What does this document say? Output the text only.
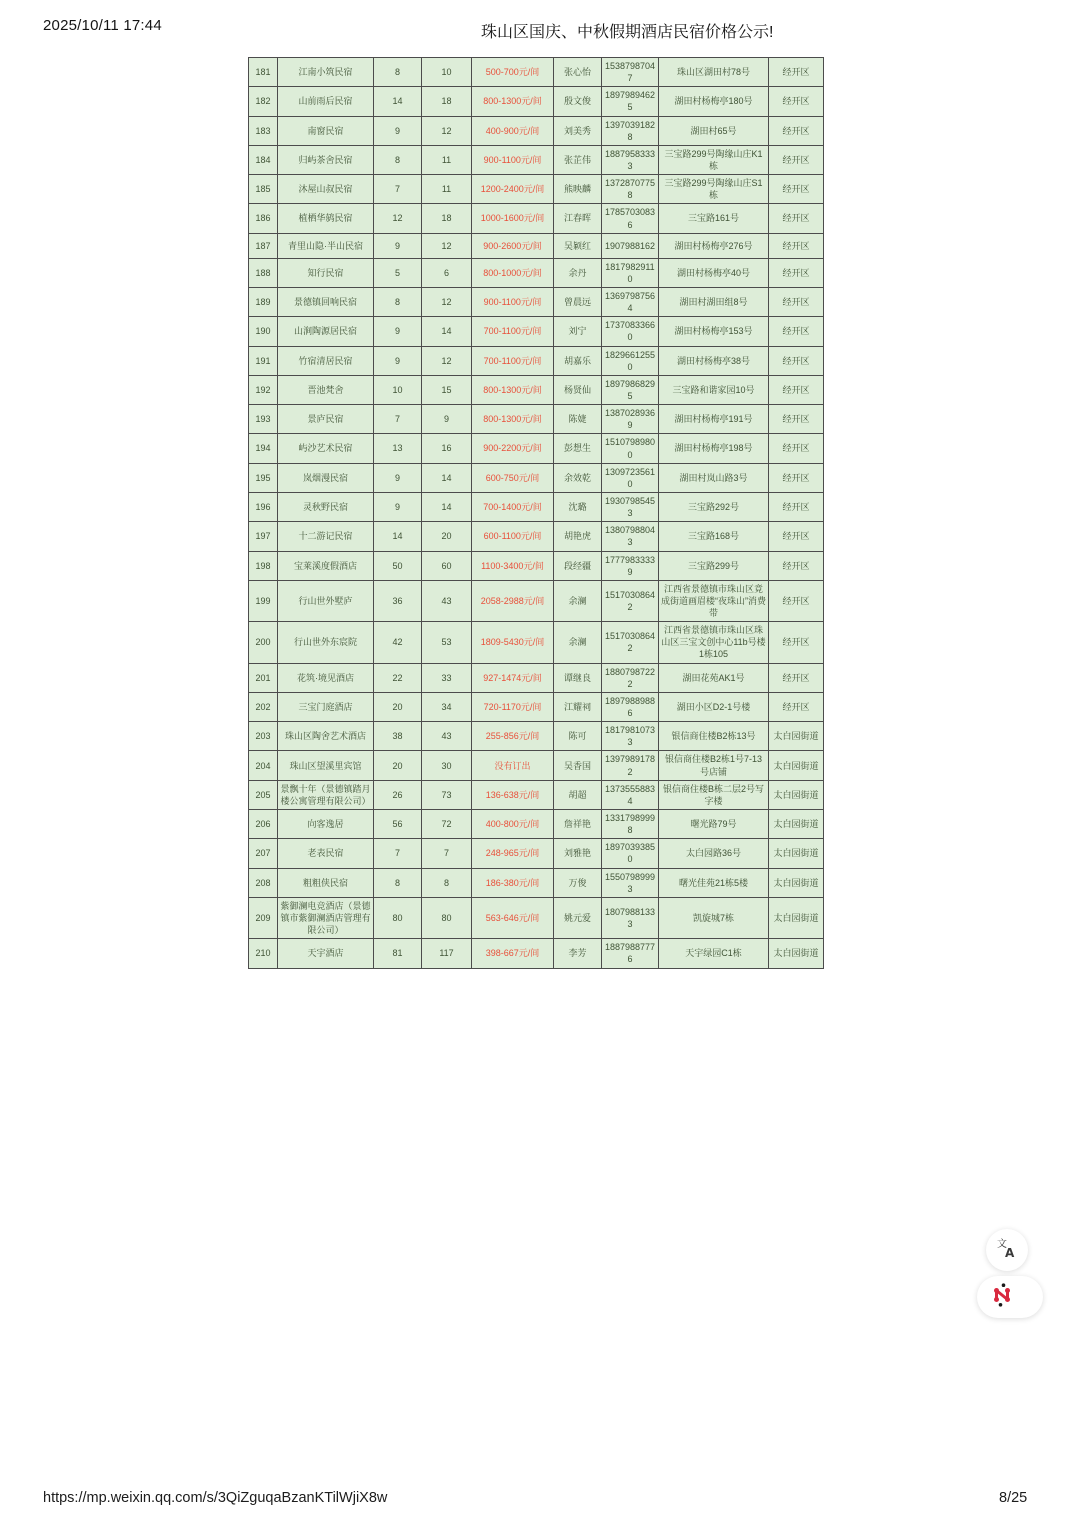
2025/10/11 17:44	珠山区国庆、中秋假期酒店民宿价格公示!
181	江南小筑民宿	8	10	500-700元/间	张心怡	15387987047	珠山区湖田村78号	经开区
182	山前雨后民宿	14	18	800-1300元/间	殷文俊	18979894625	湖田村杨梅亭180号	经开区
183	南窗民宿	9	12	400-900元/间	刘美秀	13970391828	湖田村65号	经开区
184	归屿茶舍民宿	8	11	900-1100元/间	张芷伟	18879583333	三宝路299号陶缘山庄K1栋	经开区
185	沐屋山叔民宿	7	11	1200-2400元/间	熊映麟	13728707758	三宝路299号陶缘山庄S1栋	经开区
186	植栖华鸫民宿	12	18	1000-1600元/间	江春晖	17857030836	三宝路161号	经开区
187	青里山隐·半山民宿	9	12	900-2600元/间	吴颖红	1907988162	湖田村杨梅亭276号	经开区
188	知行民宿	5	6	800-1000元/间	余丹	18179829110	湖田村杨梅亭40号	经开区
189	景德镇回响民宿	8	12	900-1100元/间	曾晨远	13697987564	湖田村湖田组8号	经开区
190	山涧陶源居民宿	9	14	700-1100元/间	刘宁	17370833660	湖田村杨梅亭153号	经开区
191	竹宿清居民宿	9	12	700-1100元/间	胡嘉乐	18296612550	湖田村杨梅亭38号	经开区
192	晋池梵舍	10	15	800-1300元/间	杨贤仙	18979868295	三宝路和谐家园10号	经开区
193	景庐民宿	7	9	800-1300元/间	陈婕	13870289369	湖田村杨梅亭191号	经开区
194	屿沙艺术民宿	13	16	900-2200元/间	彭想生	15107989800	湖田村杨梅亭198号	经开区
195	岚烟漫民宿	9	14	600-750元/间	余效乾	13097235610	湖田村岚山路3号	经开区
196	灵秋野民宿	9	14	700-1400元/间	沈璐	19307985453	三宝路292号	经开区
197	十二游记民宿	14	20	600-1100元/间	胡艳虎	13807988043	三宝路168号	经开区
198	宝莱溪度假酒店	50	60	1100-3400元/间	段经疆	17779833339	三宝路299号	经开区
199	行山世外墅庐	36	43	2058-2988元/间	余澜	15170308642	江西省景德镇市珠山区竟成街道画眉楼“夜珠山”消费带	经开区
200	行山世外东宸院	42	53	1809-5430元/间	余澜	15170308642	江西省景德镇市珠山区珠山区三宝文创中心11b号楼1栋105	经开区
201	花筑·境见酒店	22	33	927-1474元/间	谭继良	18807987222	湖田花苑AK1号	经开区
202	三宝门庭酒店	20	34	720-1170元/间	江耀祠	18979889886	湖田小区D2-1号楼	经开区
203	珠山区陶舍艺术酒店	38	43	255-856元/间	陈可	18179810733	银信商住楼B2栋13号	太白园街道
204	珠山区望溪里宾馆	20	30	没有订出	吴香国	13979891782	银信商住楼B2栋1号7-13号店铺	太白园街道
205	景飘十年（景德镇踏月楼公寓管理有限公司）	26	73	136-638元/间	胡超	13735558834	银信商住楼B栋二层2号写字楼	太白园街道
206	向客逸居	56	72	400-800元/间	詹祥艳	13317989998	曙光路79号	太白园街道
207	老表民宿	7	7	248-965元/间	刘雅艳	18970393850	太白园路36号	太白园街道
208	粗粗侠民宿	8	8	186-380元/间	万俊	15507989993	曙光佳苑21栋5楼	太白园街道
209	紫御澜电竞酒店（景德镇市紫御澜酒店管理有限公司）	80	80	563-646元/间	姚元爱	18079881333	凯旋城7栋	太白园街道
210	天宇酒店	81	117	398-667元/间	李芳	18879887776	天宇绿园C1栋	太白园街道
文
A
https://mp.weixin.qq.com/s/3QiZguqaBzanKTilWjiX8w	8/25
